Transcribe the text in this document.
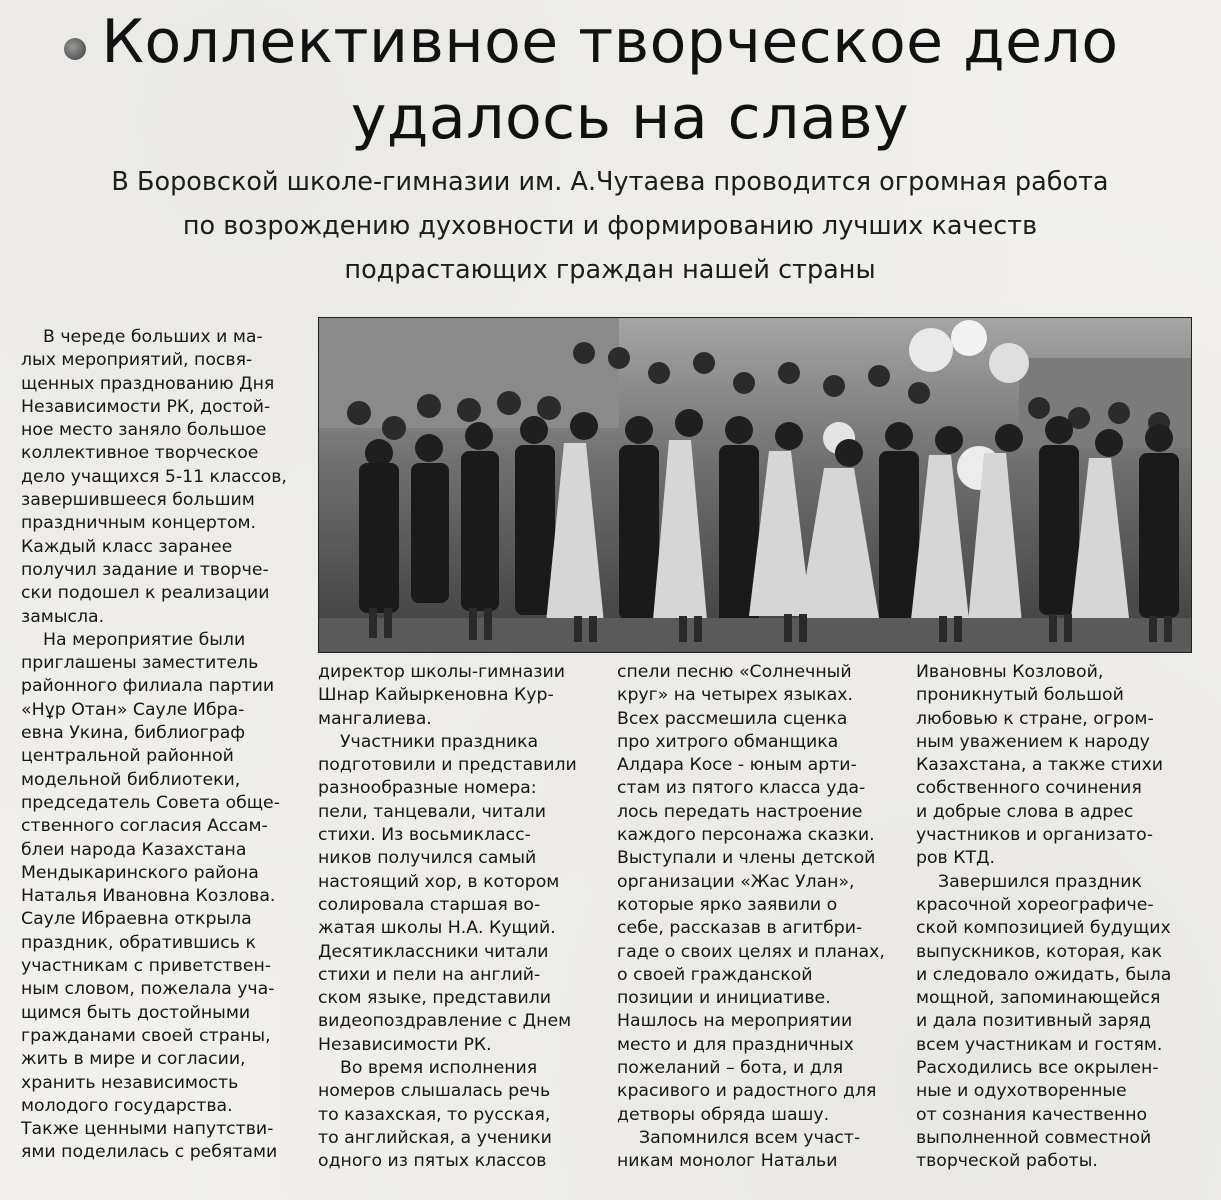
Коллективное творческое дело
удалось на славу
В Боровской школе-гимназии им. А.Чутаева проводится огромная работа
по возрождению духовности и формированию лучших качеств
подрастающих граждан нашей страны

В череде больших и ма-

лых мероприятий, посвя-

щенных празднованию Дня

Независимости РК, достой-

ное место заняло большое

коллективное творческое

дело учащихся 5-11 классов,

завершившееся большим

праздничным концертом.

Каждый класс заранее

получил задание и творче-

ски подошел к реализации

замысла.

На мероприятие были

приглашены заместитель

районного филиала партии

«Нұр Отан» Сауле Ибра-

евна Укина, библиограф

центральной районной

модельной библиотеки,

председатель Совета обще-

ственного согласия Ассам-

блеи народа Казахстана

Мендыкаринского района

Наталья Ивановна Козлова.

Сауле Ибраевна открыла

праздник, обратившись к

участникам с приветствен-

ным словом, пожелала уча-

щимся быть достойными

гражданами своей страны,

жить в мире и согласии,

хранить независимость

молодого государства.

Также ценными напутстви-

ями поделилась с ребятами

директор школы-гимназии

Шнар Кайыркеновна Кур-

мангалиева.

Участники праздника

подготовили и представили

разнообразные номера:

пели, танцевали, читали

стихи. Из восьмикласс-

ников получился самый

настоящий хор, в котором

солировала старшая во-

жатая школы Н.А. Кущий.

Десятиклассники читали

стихи и пели на англий-

ском языке, представили

видеопоздравление с Днем

Независимости РК.

Во время исполнения

номеров слышалась речь

то казахская, то русская,

то английская, а ученики

одного из пятых классов

спели песню «Солнечный

круг» на четырех языках.

Всех рассмешила сценка

про хитрого обманщика

Алдара Косе - юным арти-

стам из пятого класса уда-

лось передать настроение

каждого персонажа сказки.

Выступали и члены детской

организации «Жас Улан»,

которые ярко заявили о

себе, рассказав в агитбри-

гаде о своих целях и планах,

о своей гражданской

позиции и инициативе.

Нашлось на мероприятии

место и для праздничных

пожеланий – бота, и для

красивого и радостного для

детворы обряда шашу.

Запомнился всем участ-

никам монолог Натальи

Ивановны Козловой,

проникнутый большой

любовью к стране, огром-

ным уважением к народу

Казахстана, а также стихи

собственного сочинения

и добрые слова в адрес

участников и организато-

ров КТД.

Завершился праздник

красочной хореографиче-

ской композицией будущих

выпускников, которая, как

и следовало ожидать, была

мощной, запоминающейся

и дала позитивный заряд

всем участникам и гостям.

Расходились все окрылен-

ные и одухотворенные

от сознания качественно

выполненной совместной

творческой работы.
